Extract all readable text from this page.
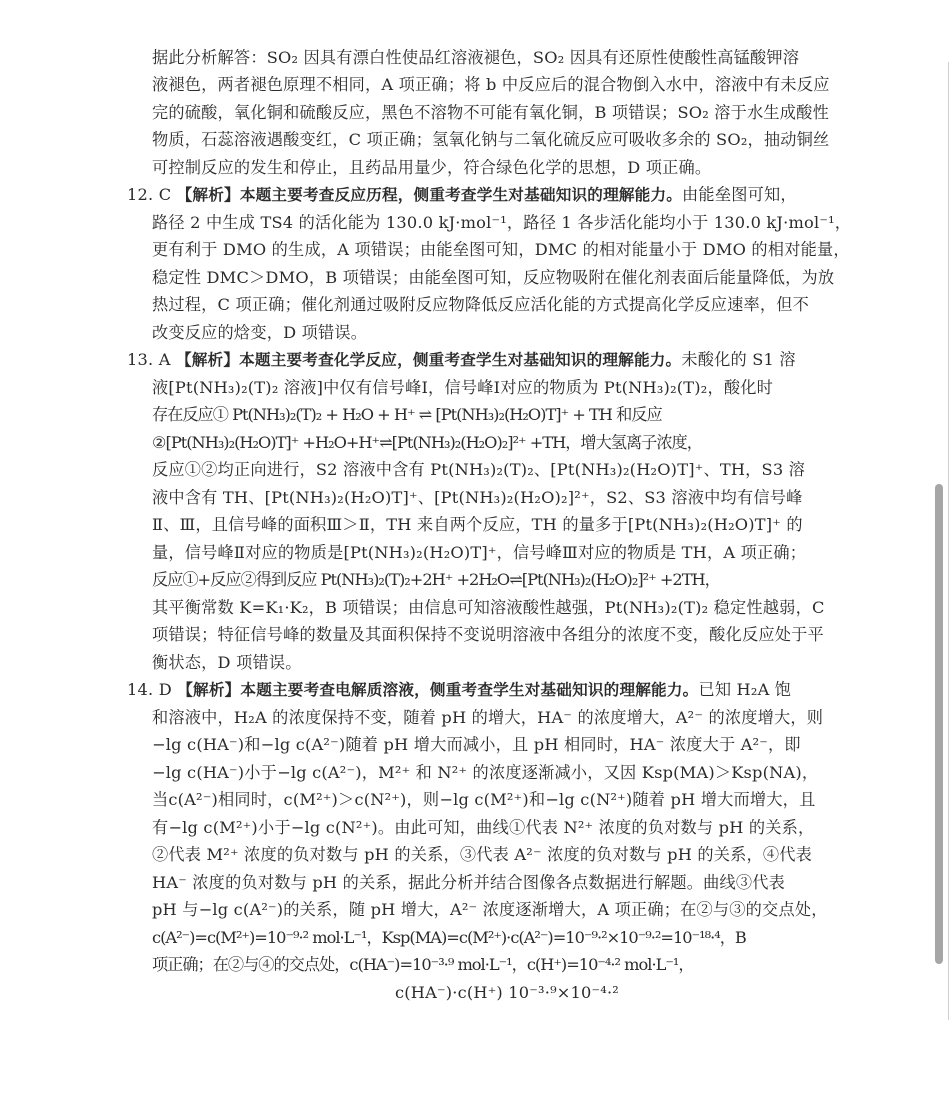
据此分析解答：SO₂ 因具有漂白性使品红溶液褪色，SO₂ 因具有还原性使酸性高锰酸钾溶
液褪色，两者褪色原理不相同，A 项正确；将 b 中反应后的混合物倒入水中，溶液中有未反应
完的硫酸，氧化铜和硫酸反应，黑色不溶物不可能有氧化铜，B 项错误；SO₂ 溶于水生成酸性
物质，石蕊溶液遇酸变红，C 项正确；氢氧化钠与二氧化硫反应可吸收多余的 SO₂，抽动铜丝
可控制反应的发生和停止，且药品用量少，符合绿色化学的思想，D 项正确。
12. C 【解析】本题主要考查反应历程，侧重考查学生对基础知识的理解能力。由能垒图可知，
路径 2 中生成 TS4 的活化能为 130.0 kJ·mol⁻¹，路径 1 各步活化能均小于 130.0 kJ·mol⁻¹，
更有利于 DMO 的生成，A 项错误；由能垒图可知，DMC 的相对能量小于 DMO 的相对能量，
稳定性 DMC＞DMO，B 项错误；由能垒图可知，反应物吸附在催化剂表面后能量降低，为放
热过程，C 项正确；催化剂通过吸附反应物降低反应活化能的方式提高化学反应速率，但不
改变反应的焓变，D 项错误。
13. A 【解析】本题主要考查化学反应，侧重考查学生对基础知识的理解能力。未酸化的 S1 溶
液[Pt(NH₃)₂(T)₂ 溶液]中仅有信号峰Ⅰ，信号峰Ⅰ对应的物质为 Pt(NH₃)₂(T)₂，酸化时
存在反应① Pt(NH₃)₂(T)₂ + H₂O + H⁺ ⇌ [Pt(NH₃)₂(H₂O)T]⁺ + TH 和反应
②[Pt(NH₃)₂(H₂O)T]⁺ +H₂O+H⁺⇌[Pt(NH₃)₂(H₂O)₂]²⁺ +TH，增大氢离子浓度，
反应①②均正向进行，S2 溶液中含有 Pt(NH₃)₂(T)₂、[Pt(NH₃)₂(H₂O)T]⁺、TH，S3 溶
液中含有 TH、[Pt(NH₃)₂(H₂O)T]⁺、[Pt(NH₃)₂(H₂O)₂]²⁺，S2、S3 溶液中均有信号峰
Ⅱ、Ⅲ，且信号峰的面积Ⅲ＞Ⅱ，TH 来自两个反应，TH 的量多于[Pt(NH₃)₂(H₂O)T]⁺ 的
量，信号峰Ⅱ对应的物质是[Pt(NH₃)₂(H₂O)T]⁺，信号峰Ⅲ对应的物质是 TH，A 项正确；
反应①+反应②得到反应 Pt(NH₃)₂(T)₂+2H⁺ +2H₂O⇌[Pt(NH₃)₂(H₂O)₂]²⁺ +2TH，
其平衡常数 K=K₁·K₂，B 项错误；由信息可知溶液酸性越强，Pt(NH₃)₂(T)₂ 稳定性越弱，C
项错误；特征信号峰的数量及其面积保持不变说明溶液中各组分的浓度不变，酸化反应处于平
衡状态，D 项错误。
14. D 【解析】本题主要考查电解质溶液，侧重考查学生对基础知识的理解能力。已知 H₂A 饱
和溶液中，H₂A 的浓度保持不变，随着 pH 的增大，HA⁻ 的浓度增大，A²⁻ 的浓度增大，则
−lg c(HA⁻)和−lg c(A²⁻)随着 pH 增大而减小，且 pH 相同时，HA⁻ 浓度大于 A²⁻，即
−lg c(HA⁻)小于−lg c(A²⁻)，M²⁺ 和 N²⁺ 的浓度逐渐减小，又因 Ksp(MA)＞Ksp(NA)，
当c(A²⁻)相同时，c(M²⁺)＞c(N²⁺)，则−lg c(M²⁺)和−lg c(N²⁺)随着 pH 增大而增大，且
有−lg c(M²⁺)小于−lg c(N²⁺)。由此可知，曲线①代表 N²⁺ 浓度的负对数与 pH 的关系，
②代表 M²⁺ 浓度的负对数与 pH 的关系，③代表 A²⁻ 浓度的负对数与 pH 的关系，④代表
HA⁻ 浓度的负对数与 pH 的关系，据此分析并结合图像各点数据进行解题。曲线③代表
pH 与−lg c(A²⁻)的关系，随 pH 增大，A²⁻ 浓度逐渐增大，A 项正确；在②与③的交点处，
c(A²⁻)=c(M²⁺)=10⁻⁹·² mol·L⁻¹，Ksp(MA)=c(M²⁺)·c(A²⁻)=10⁻⁹·²×10⁻⁹·²=10⁻¹⁸·⁴，B
项正确；在②与④的交点处，c(HA⁻)=10⁻³·⁹ mol·L⁻¹，c(H⁺)=10⁻⁴·² mol·L⁻¹，
c(HA⁻)·c(H⁺) 10⁻³·⁹×10⁻⁴·²
